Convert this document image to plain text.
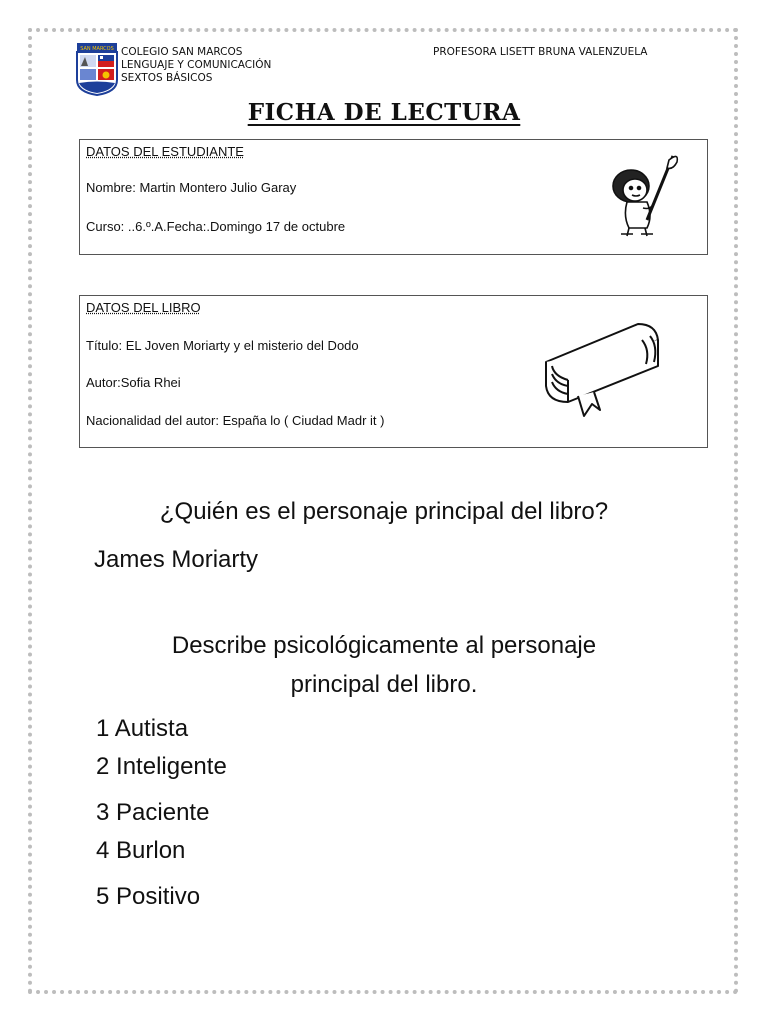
SAN MARCOS COLEGIO SAN MARCOS
LENGUAJE Y COMUNICACIÓN
SEXTOS BÁSICOS
PROFESORA LISETT BRUNA VALENZUELA
FICHA DE LECTURA
DATOS DEL ESTUDIANTE
Nombre: Martin Montero Julio Garay
Curso: ..6.º.A.Fecha:.Domingo 17 de octubre
DATOS DEL LIBRO
Título: EL Joven Moriarty y el misterio del Dodo
Autor:Sofia Rhei
Nacionalidad del autor: España lo ( Ciudad Madr it )
¿Quién es el personaje principal del libro?
James Moriarty
Describe psicológicamente al personaje
principal del libro.
1 Autista
2 Inteligente
3 Paciente
4 Burlon
5 Positivo
